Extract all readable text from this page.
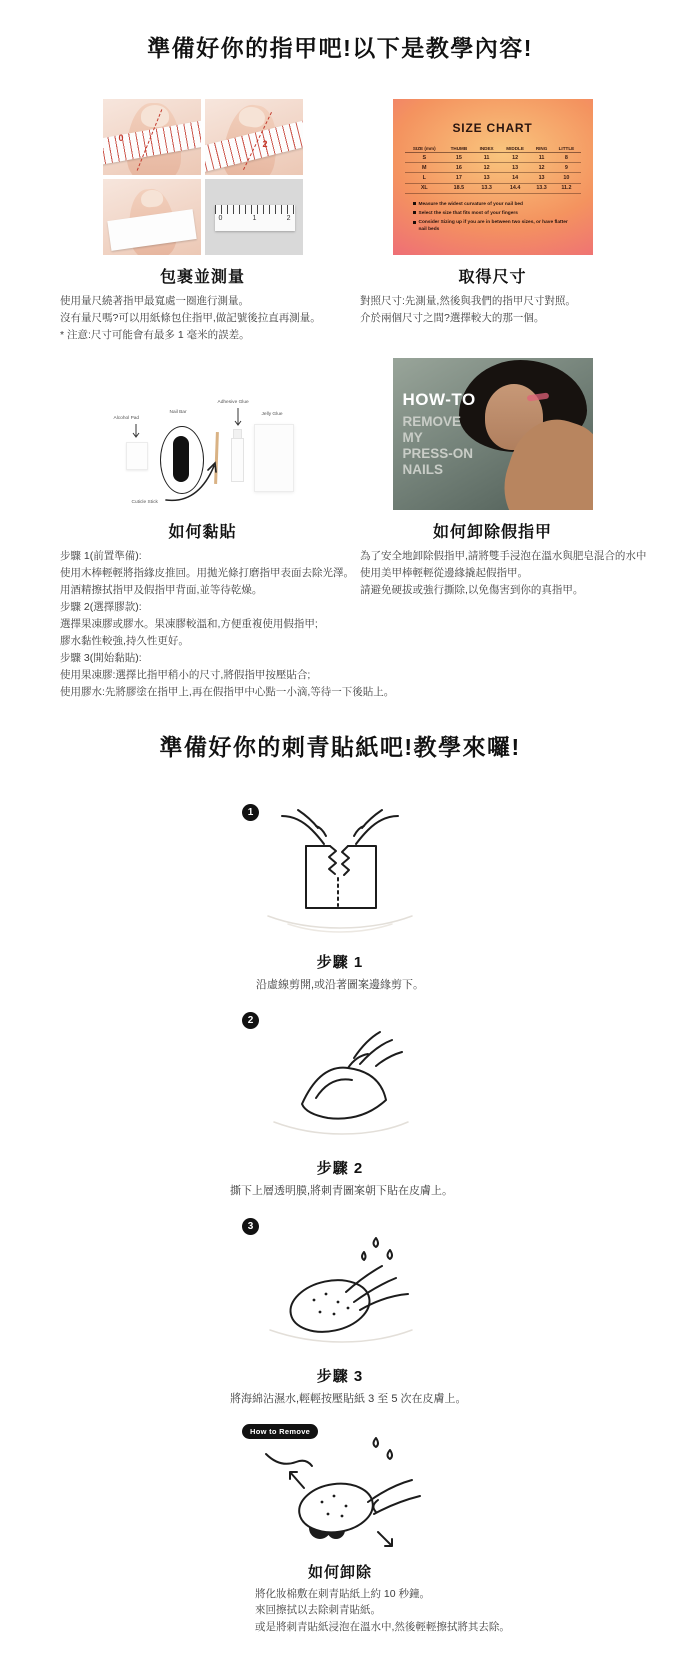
準備好你的指甲吧!以下是教學內容!
0
2
0	1	2
包裹並測量
使用量尺繞著指甲最寬處一圈進行測量。
沒有量尺嗎?可以用紙條包住指甲,做記號後拉直再測量。
* 注意:尺寸可能會有最多 1 毫米的誤差。
SIZE CHART
SIZE (mm)	THUMB	INDEX	MIDDLE	RING	LITTLE
S	15	11	12	11	8
M	16	12	13	12	9
L	17	13	14	13	10
XL	18.5	13.3	14.4	13.3	11.2
Measure the widest curvature of your nail bed
Select the size that fits most of your fingers
Consider Sizing up if you are in between two sizes, or have flatter nail beds
取得尺寸
對照尺寸:先測量,然後與我們的指甲尺寸對照。
介於兩個尺寸之間?選擇較大的那一個。
Alcohol Pad
Nail Bar
Adhesive Glue
Jelly Glue
Cuticle Stick
如何黏貼
步驟 1(前置準備):
使用木棒輕輕將指緣皮推回。用拋光條打磨指甲表面去除光澤。
用酒精擦拭指甲及假指甲背面,並等待乾燥。
步驟 2(選擇膠款):
選擇果凍膠或膠水。果凍膠較溫和,方便重複使用假指甲;
膠水黏性較強,持久性更好。
步驟 3(開始黏貼):
使用果凍膠:選擇比指甲稍小的尺寸,將假指甲按壓貼合;
使用膠水:先將膠塗在指甲上,再在假指甲中心點一小滴,等待一下後貼上。
HOW-TO
REMOVE
MY
PRESS-ON
NAILS
如何卸除假指甲
為了安全地卸除假指甲,請將雙手浸泡在溫水與肥皂混合的水中
使用美甲棒輕輕從邊緣撬起假指甲。
請避免硬拔或強行撕除,以免傷害到你的真指甲。
準備好你的刺青貼紙吧!教學來囉!
1
步驟 1
沿虛線剪開,或沿著圖案邊緣剪下。
2
步驟 2
撕下上層透明膜,將刺青圖案朝下貼在皮膚上。
3
步驟 3
將海綿沾濕水,輕輕按壓貼紙 3 至 5 次在皮膚上。
How to Remove
如何卸除
將化妝棉敷在刺青貼紙上約 10 秒鐘。
來回擦拭以去除刺青貼紙。
或是將刺青貼紙浸泡在溫水中,然後輕輕擦拭將其去除。
